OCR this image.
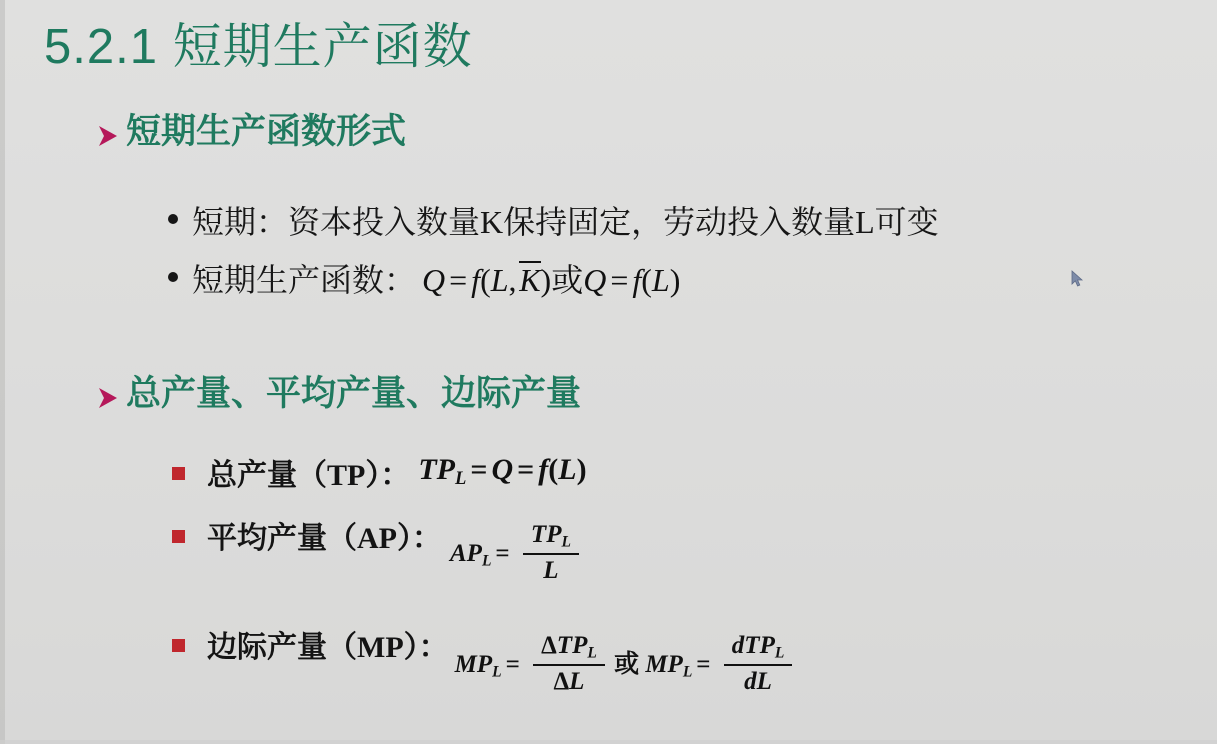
5.2.1 短期生产函数
短期生产函数形式
短期：资本投入数量K保持固定，劳动投入数量L可变
短期生产函数： Q = f(L, K)或Q = f(L)
总产量、平均产量、边际产量
总产量（TP）： $TP_L = Q = f(L)$
平均产量（AP）： $AP_L = \frac{TP_L}{L}$
边际产量（MP）：
$MP_L = \frac{\Delta TP_L}{\Delta L}$ 或 $MP_L = \frac{dTP_L}{dL}$
